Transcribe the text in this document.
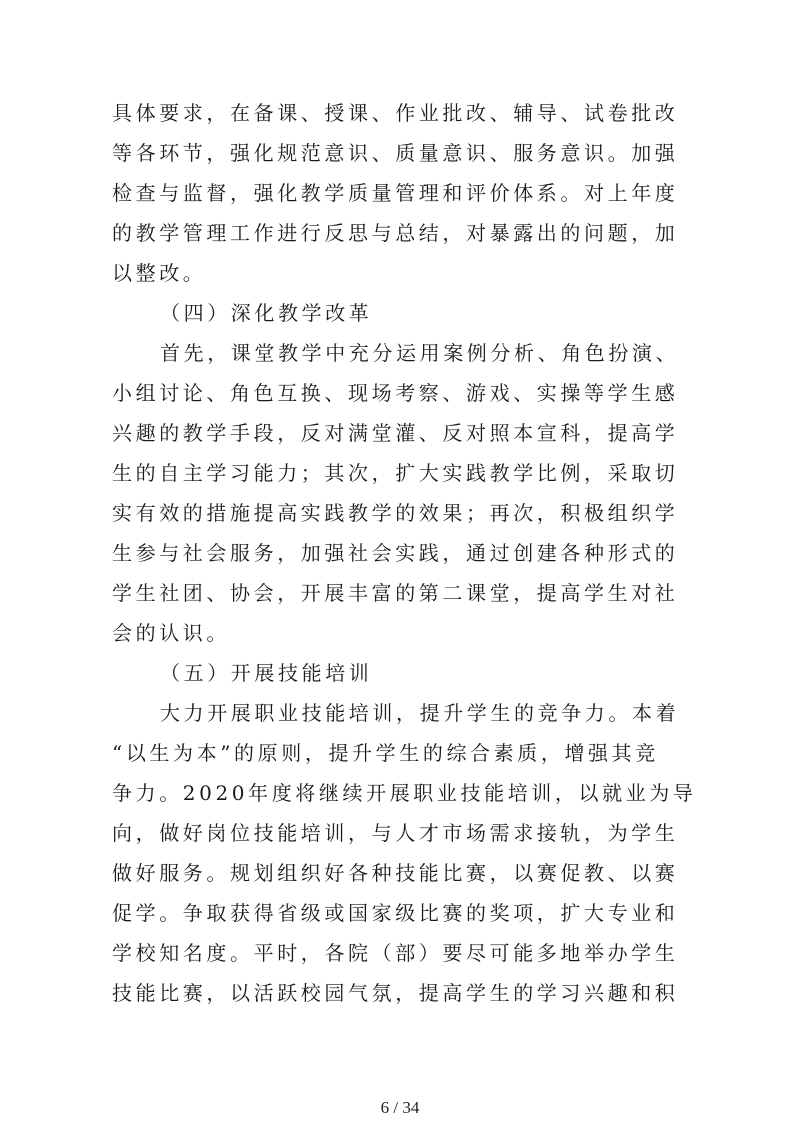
具体要求，在备课、授课、作业批改、辅导、试卷批改
等各环节，强化规范意识、质量意识、服务意识。加强
检查与监督，强化教学质量管理和评价体系。对上年度
的教学管理工作进行反思与总结，对暴露出的问题，加
以整改。
（四）深化教学改革
首先，课堂教学中充分运用案例分析、角色扮演、
小组讨论、角色互换、现场考察、游戏、实操等学生感
兴趣的教学手段，反对满堂灌、反对照本宣科，提高学
生的自主学习能力；其次，扩大实践教学比例，采取切
实有效的措施提高实践教学的效果；再次，积极组织学
生参与社会服务，加强社会实践，通过创建各种形式的
学生社团、协会，开展丰富的第二课堂，提高学生对社
会的认识。
（五）开展技能培训
大力开展职业技能培训，提升学生的竞争力。本着
“以生为本”的原则，提升学生的综合素质，增强其竞
争力。2020年度将继续开展职业技能培训，以就业为导
向，做好岗位技能培训，与人才市场需求接轨，为学生
做好服务。规划组织好各种技能比赛，以赛促教、以赛
促学。争取获得省级或国家级比赛的奖项，扩大专业和
学校知名度。平时，各院（部）要尽可能多地举办学生
技能比赛，以活跃校园气氛，提高学生的学习兴趣和积
6 / 34
